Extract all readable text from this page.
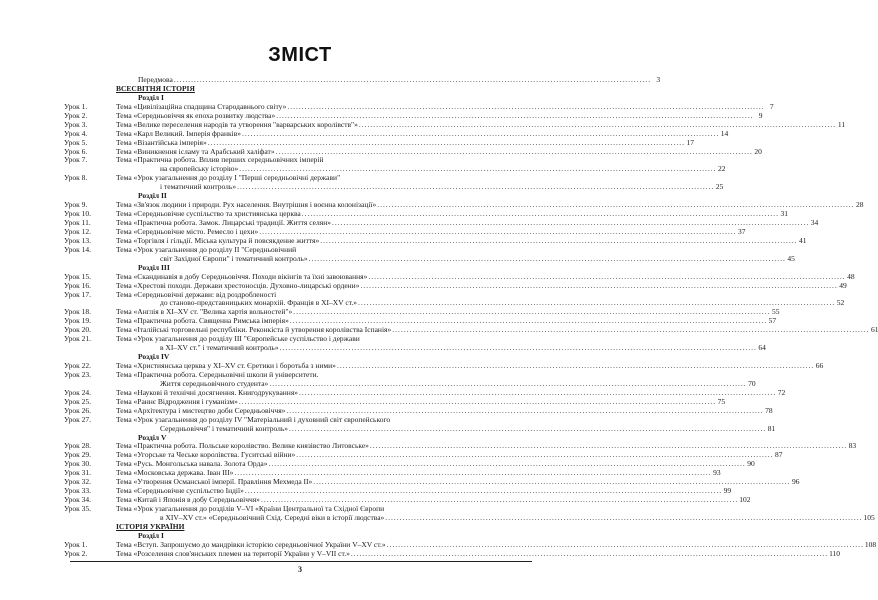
ЗМІСТ
Передмова .....	3
ВСЕСВІТНЯ ІСТОРІЯ
Розділ І
Урок 1.	Тема «Цивілізаційна спадщина Стародавнього світу» .....	7
Урок 2.	Тема «Середньовіччя як епоха розвитку людства» .....	9
Урок 3.	Тема «Велике переселення народів та утворення "варварських королівств"» .....	11
Урок 4.	Тема «Карл Великий. Імперія франків» .....	14
Урок 5.	Тема «Візантійська імперія» .....	17
Урок 6.	Тема «Виникнення ісламу та Арабський халіфат» .....	20
Урок 7.	Тема «Практична робота. Вплив перших середньовічних імперій
на європейську історію» .....	22
Урок 8.	Тема «Урок узагальнення до розділу І "Перші середньовічні держави"
і тематичний контроль» .....	25
Розділ ІІ
Урок 9.	Тема «Зв'язок людини і природи. Рух населення. Внутрішня і воєнна колонізації» .....	28
Урок 10.	Тема «Середньовічне суспільство та християнська церква .....	31
Урок 11.	Тема «Практична робота. Замок. Лицарські традиції. Життя селян» .....	34
Урок 12.	Тема «Середньовічне місто. Ремесло і цехи» .....	37
Урок 13.	Тема «Торгівля і гільдії. Міська культура й повсякденне життя» .....	41
Урок 14.	Тема «Урок узагальнення до розділу ІІ "Середньовічний
світ Західної Європи" і тематичний контроль» .....	45
Розділ ІІІ
Урок 15.	Тема «Скандинавія в добу Середньовіччя. Походи вікінгів та їхні завоювання» .....	48
Урок 16.	Тема «Хрестові походи. Держави хрестоносців. Духовно-лицарські ордени» .....	49
Урок 17.	Тема «Середньовічні держави: від роздробленості
до станово-представницьких монархій. Франція в ХІ–ХV ст.» .....	52
Урок 18.	Тема «Англія в ХІ–ХV ст. "Велика хартія вольностей"» .....	55
Урок 19.	Тема «Практична робота. Священна Римська імперія» .....	57
Урок 20.	Тема «Італійські торговельні республіки. Реконкіста й утворення королівства Іспанія» .....	61
Урок 21.	Тема «Урок узагальнення до розділу ІІІ "Європейське суспільство і держави
в ХІ–ХV ст." і тематичний контроль» .....	64
Розділ IV
Урок 22.	Тема «Християнська церква у ХІ–ХV ст. Єретики і боротьба з ними» .....	66
Урок 23.	Тема «Практична робота. Середньовічні школи й університети.
Життя середньовічного студента» .....	70
Урок 24.	Тема «Наукові й технічні досягнення. Книгодрукування» .....	72
Урок 25.	Тема «Раннє Відродження і гуманізм» .....	75
Урок 26.	Тема «Архітектура і мистецтво доби Середньовіччя» .....	78
Урок 27.	Тема «Урок узагальнення до розділу IV "Матеріальний і духовний світ європейського
Середньовіччя" і тематичний контроль» .....	81
Розділ V
Урок 28.	Тема «Практична робота. Польське королівство. Велике князівство Литовське» .....	83
Урок 29.	Тема «Угорське та Чеське королівства. Гуситські війни» .....	87
Урок 30.	Тема «Русь. Монгольська навала. Золота Орда» .....	90
Урок 31.	Тема «Московська держава. Іван ІІІ» .....	93
Урок 32.	Тема «Утворення Османської імперії. Правління Мехмеда ІІ» .....	96
Урок 33.	Тема «Середньовічне суспільство Індії» .....	99
Урок 34.	Тема «Китай і Японія в добу Середньовіччя» .....	102
Урок 35.	Тема «Урок узагальнення до розділів V–VІ «Країни Центральної та Східної Європи
в ХІV–ХV ст.» «Середньовічний Схід. Середні віки в історії людства» .....	105
ІСТОРІЯ УКРАЇНИ
Розділ І
Урок 1.	Тема «Вступ. Запрошуємо до мандрівки історією середньовічної України V–XV ст.» .....	108
Урок 2.	Тема «Розселення слов'янських племен на території України у V–VII ст.» .....	110
3
